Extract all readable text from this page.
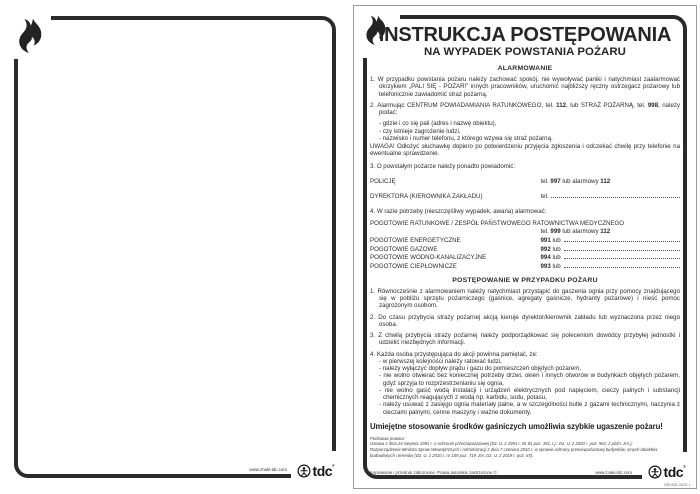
www.znaki-tdc.com tdc ®
INSTRUKCJA POSTĘPOWANIA
NA WYPADEK POWSTANIA POŻARU
ALARMOWANIE

1. W przypadku powstania pożaru należy zachować spokój, nie wywoływać paniki i natychmiast zaalarmować okrzykiem „PALI SIĘ - POŻAR!” innych pracowników, uruchomić najbliższy ręczny ostrzegacz pożarowy lub telefonicznie zawiadomić straż pożarną.

2. Alarmując CENTRUM POWIADAMIANIA RATUNKOWEGO, tel. 112, lub STRAŻ POŻARNĄ, tel. 998, należy podać:

- gdzie i co się pali (adres i nazwę obiektu),

- czy istnieje zagrożenie ludzi,

- nazwisko i numer telefonu, z którego wzywa się straż pożarną.

UWAGA! Odłożyć słuchawkę dopiero po potwierdzeniu przyjęcia zgłoszenia i odczekać chwilę przy telefonie na ewentualne sprawdzenie.

3. O powstałym pożarze należy ponadto powiadomić:

POLICJĘ	tel. 997 lub alarmowy 112
DYREKTORA (KIEROWNIKA ZAKŁADU)	tel.

4. W razie potrzeby (nieszczęśliwy wypadek, awaria) alarmować:

POGOTOWIE RATUNKOWE / ZESPÓŁ PAŃSTWOWEGO RATOWNICTWA MEDYCZNEGO
tel. 999 lub alarmowy 112
POGOTOWIE ENERGETYCZNE	991 lub
POGOTOWIE GAZOWE	992 lub
POGOTOWIE WODNO-KANALIZACYJNE	994 lub
POGOTOWIE CIEPŁOWNICZE	993 lub
POSTĘPOWANIE W PRZYPADKU POŻARU

1. Równocześnie z alarmowaniem należy natychmiast przystąpić do gaszenia ognia przy pomocy znajdującego się w pobliżu sprzętu pożarniczego (gaśnice, agregaty gaśnicze, hydranty pożarowe) i nieść pomoc zagrożonym osobom.

2. Do czasu przybycia straży pożarnej akcją kieruje dyrektor/kierownik zakładu lub wyznaczona przez niego osoba.

3. Z chwilą przybycia straży pożarnej należy podporządkować się poleceniom dowódcy przybyłej jednostki i udzielić niezbędnych informacji.

4. Każda osoba przystępująca do akcji powinna pamiętać, że:

- w pierwszej kolejności należy ratować ludzi,

- należy wyłączyć dopływ prądu i gazu do pomieszczeń objętych pożarem,

- nie wolno otwierać bez koniecznej potrzeby drzwi, okien i innych otworów w budynkach objętych pożarem, gdyż sprzyja to rozprzestrzenianiu się ognia,

- nie wolno gasić wodą instalacji i urządzeń elektrycznych pod napięciem, cieczy palnych i substancji chemicznych reagujących z wodą np. karbidu, sodu, potasu,

- należy usuwać z zasięgu ognia materiały palne, a w szczególności butle z gazami technicznymi, naczynia z cieczami palnymi, cenne maszyny i ważne dokumenty.

Umiejętne stosowanie środków gaśniczych umożliwia szybkie ugaszenie pożaru!
Podstawa prawna:
Ustawa z dnia 24 sierpnia 1991 r. o ochronie przeciwpożarowej (Dz. U. z 1991 r. Nr 81 poz. 351, t.j.: Dz. U. z 2020 r. poz. 961; z późn. zm.);
Rozporządzenie Ministra Spraw Wewnętrznych i Administracji z dnia 7 czerwca 2010 r. w sprawie ochrony przeciwpożarowej budynków, innych obiektów budowlanych i terenów (Dz. U. z 2010 r. nr 109 poz. 719, zm. Dz. U. z 2019 r. poz. 67).
Kopiowanie i przedruk zabronione. Prawa autorskie zastrzeżone ©.	www.znaki-tdc.com tdc ®
DB 003 2021 r.
